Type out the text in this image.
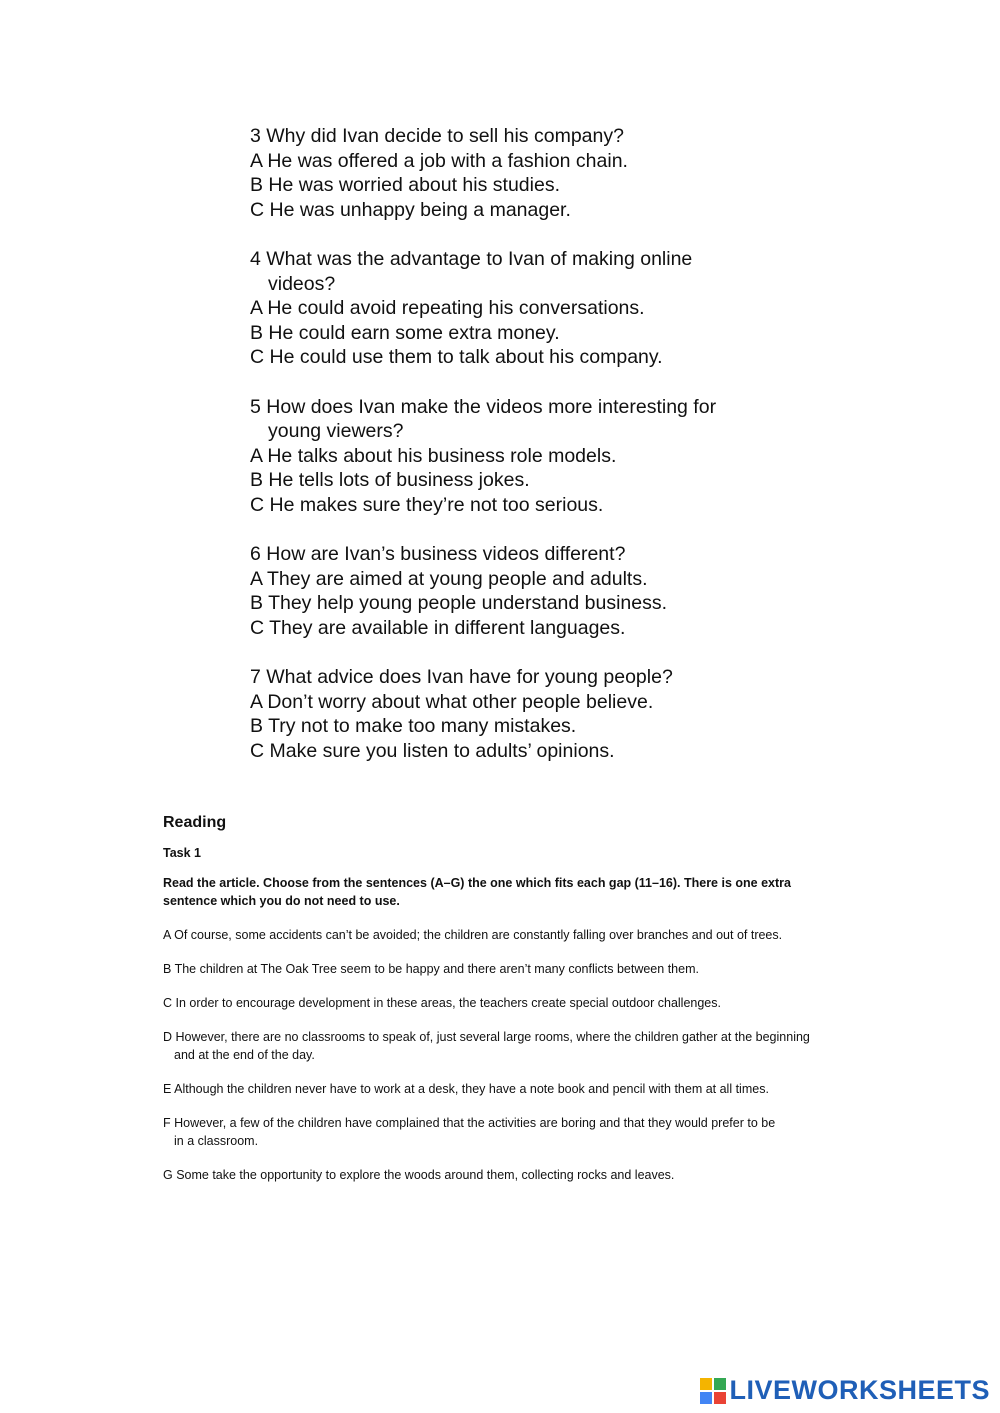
3 Why did Ivan decide to sell his company?
A He was offered a job with a fashion chain.
B He was worried about his studies.
C He was unhappy being a manager.
4 What was the advantage to Ivan of making online
videos?
A He could avoid repeating his conversations.
B He could earn some extra money.
C He could use them to talk about his company.
5 How does Ivan make the videos more interesting for
young viewers?
A He talks about his business role models.
B He tells lots of business jokes.
C He makes sure they’re not too serious.
6 How are Ivan’s business videos different?
A They are aimed at young people and adults.
B They help young people understand business.
C They are available in different languages.
7 What advice does Ivan have for young people?
A Don’t worry about what other people believe.
B Try not to make too many mistakes.
C Make sure you listen to adults’ opinions.
Reading
Task 1
Read the article. Choose from the sentences (A–G) the one which fits each gap (11–16). There is one extra
sentence which you do not need to use.
A Of course, some accidents can’t be avoided; the children are constantly falling over branches and out of trees.
B The children at The Oak Tree seem to be happy and there aren’t many conflicts between them.
C In order to encourage development in these areas, the teachers create special outdoor challenges.
D However, there are no classrooms to speak of, just several large rooms, where the children gather at the beginning
and at the end of the day.
E Although the children never have to work at a desk, they have a note book and pencil with them at all times.
F However, a few of the children have complained that the activities are boring and that they would prefer to be
in a classroom.
G Some take the opportunity to explore the woods around them, collecting rocks and leaves.
LIVEWORKSHEETS
